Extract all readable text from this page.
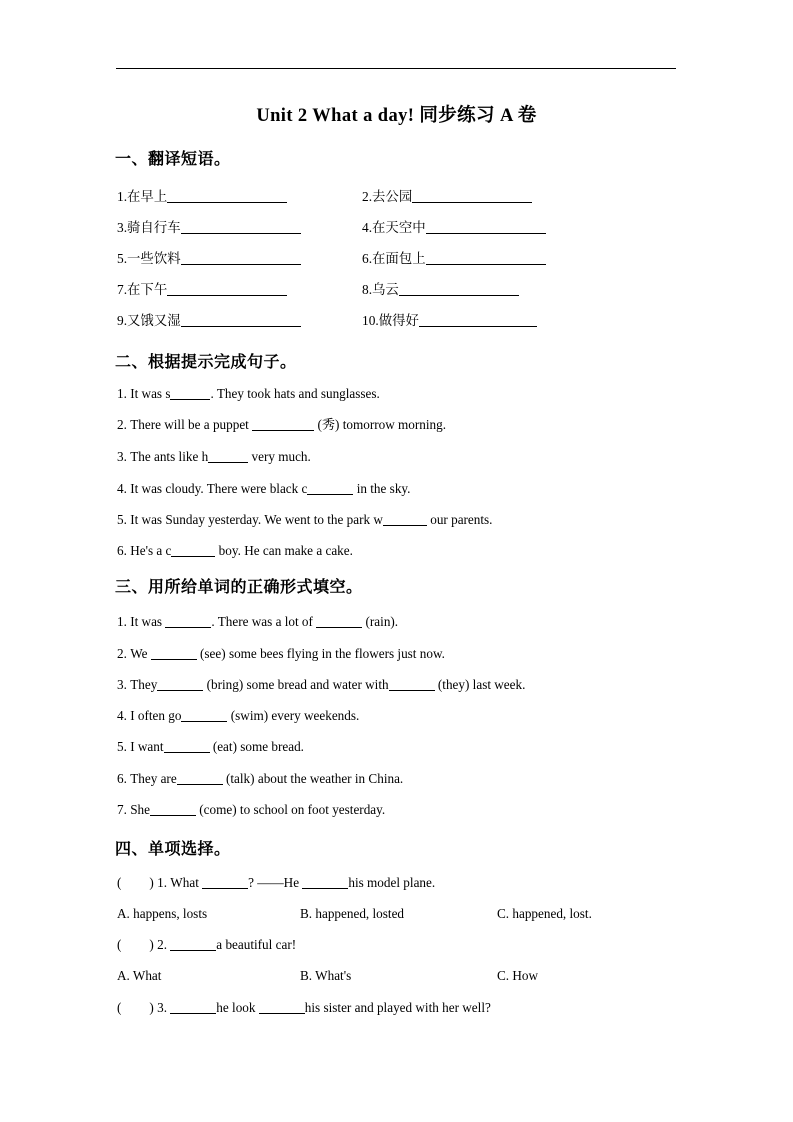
Unit 2 What a day! 同步练习 A 卷
一、翻译短语。
1.在早上	2.去公园
3.骑自行车	4.在天空中
5.一些饮料	6.在面包上
7.在下午	8.乌云
9.又饿又湿	10.做得好
二、根据提示完成句子。
1. It was s	. They took hats and sunglasses.
2. There will be a puppet	(秀) tomorrow morning.
3. The ants like h	very much.
4. It was cloudy. There were black c	in the sky.
5. It was Sunday yesterday. We went to the park w	our parents.
6. He's a c	boy. He can make a cake.
三、用所给单词的正确形式填空。
1. It was	. There was a lot of	(rain).
2. We	(see) some bees flying in the flowers just now.
3. They	(bring) some bread and water with	(they) last week.
4. I often go	(swim) every weekends.
5. I want	(eat) some bread.
6. They are	(talk) about the weather in China.
7. She	(come) to school on foot yesterday.
四、单项选择。
( ) 1. What	? ——He	his model plane.
A. happens, losts	B. happened, losted	C. happened, lost.
( ) 2.	a beautiful car!
A. What	B. What's	C. How
( ) 3.	he look	his sister and played with her well?
